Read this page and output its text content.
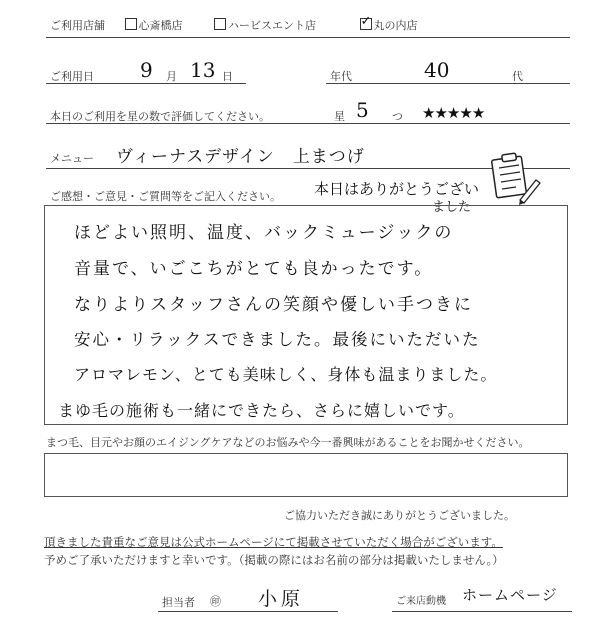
ご利用店舗	心斎橋店	ハービスエント店 ✓	丸の内店
ご利用日 9 月 13 日	年代	40	代
本日のご利用を星の数で評価してください。	星 5 つ ★★★★★
メニュー ヴィーナスデザイン　上まつげ
ご感想・ご意見・ご質問等をご記入ください。 本日はありがとうござい
ました
ほどよい照明、温度、バックミュージックの
音量で、いごこちがとても良かったです。
なりよりスタッフさんの笑顔や優しい手つきに
安心・リラックスできました。最後にいただいた
アロマレモン、とても美味しく、身体も温まりました。
まゆ毛の施術も一緒にできたら、さらに嬉しいです。
まつ毛、目元やお顔のエイジングケアなどのお悩みや今一番興味があることをお聞かせください。
ご協力いただき誠にありがとうございました。
頂きました貴重なご意見は公式ホームページにて掲載させていただく場合がございます。
予めご了承いただけますと幸いです。（掲載の際にはお名前の部分は掲載いたしません。）
担当者 ㊞ 小原	ご来店動機 ホームページ
